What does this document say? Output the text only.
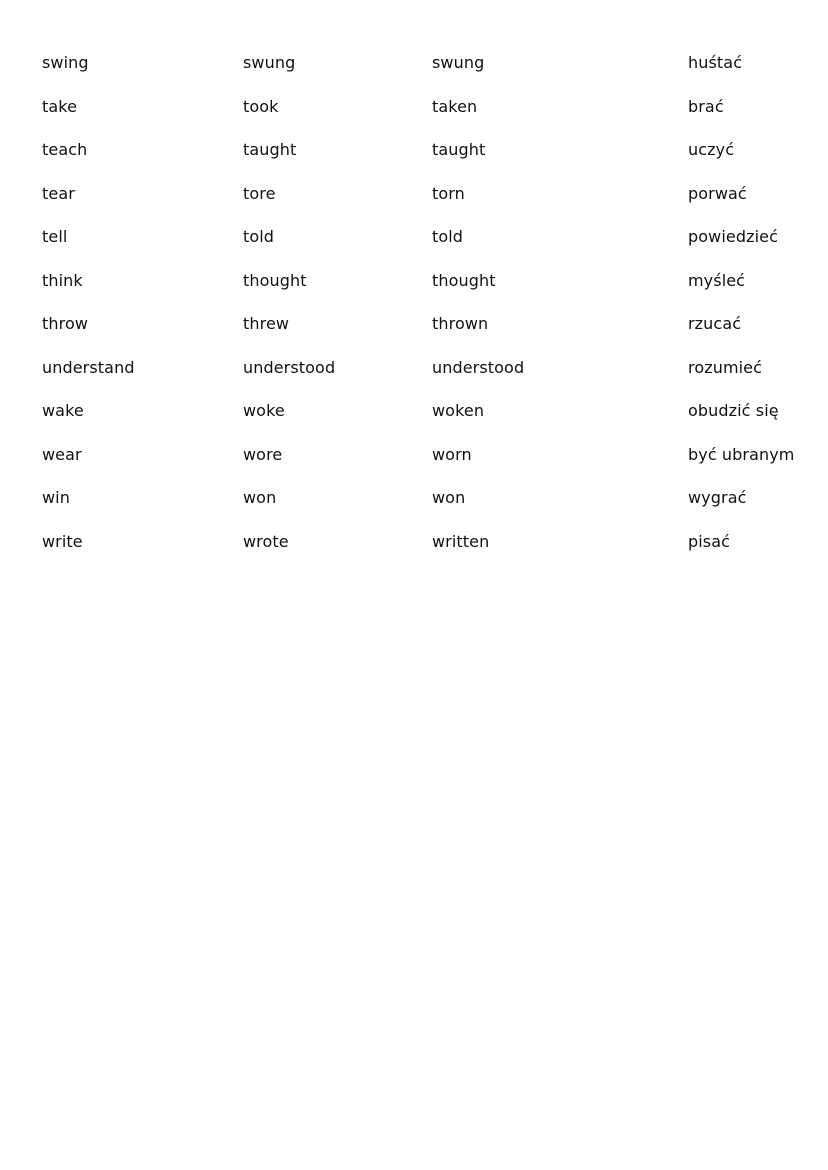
swing	swung	swung	huśtać
take	took	taken	brać
teach	taught	taught	uczyć
tear	tore	torn	porwać
tell	told	told	powiedzieć
think	thought	thought	myśleć
throw	threw	thrown	rzucać
understand	understood	understood	rozumieć
wake	woke	woken	obudzić się
wear	wore	worn	być ubranym
win	won	won	wygrać
write	wrote	written	pisać
